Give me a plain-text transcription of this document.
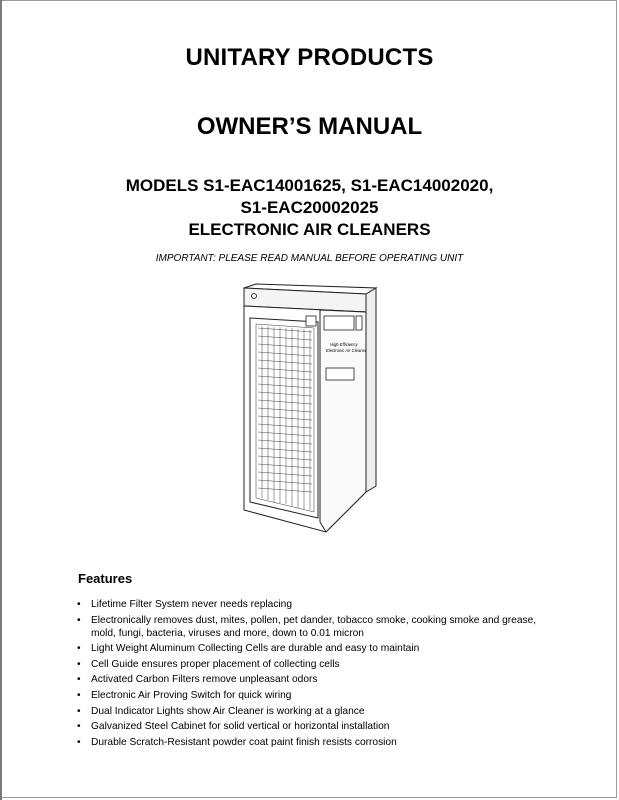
UNITARY PRODUCTS
OWNER’S MANUAL
MODELS S1-EAC14001625, S1-EAC14002020,
S1-EAC20002025
ELECTRONIC AIR CLEANERS
IMPORTANT: PLEASE READ MANUAL BEFORE OPERATING UNIT
High Efficiency
Electronic Air Cleaner
Features
• Lifetime Filter System never needs replacing
• Electronically removes dust, mites, pollen, pet dander, tobacco smoke, cooking smoke and grease, mold, fungi, bacteria, viruses and more, down to 0.01 micron
• Light Weight Aluminum Collecting Cells are durable and easy to maintain
• Cell Guide ensures proper placement of collecting cells
• Activated Carbon Filters remove unpleasant odors
• Electronic Air Proving Switch for quick wiring
• Dual Indicator Lights show Air Cleaner is working at a glance
• Galvanized Steel Cabinet for solid vertical or horizontal installation
• Durable Scratch-Resistant powder coat paint finish resists corrosion
